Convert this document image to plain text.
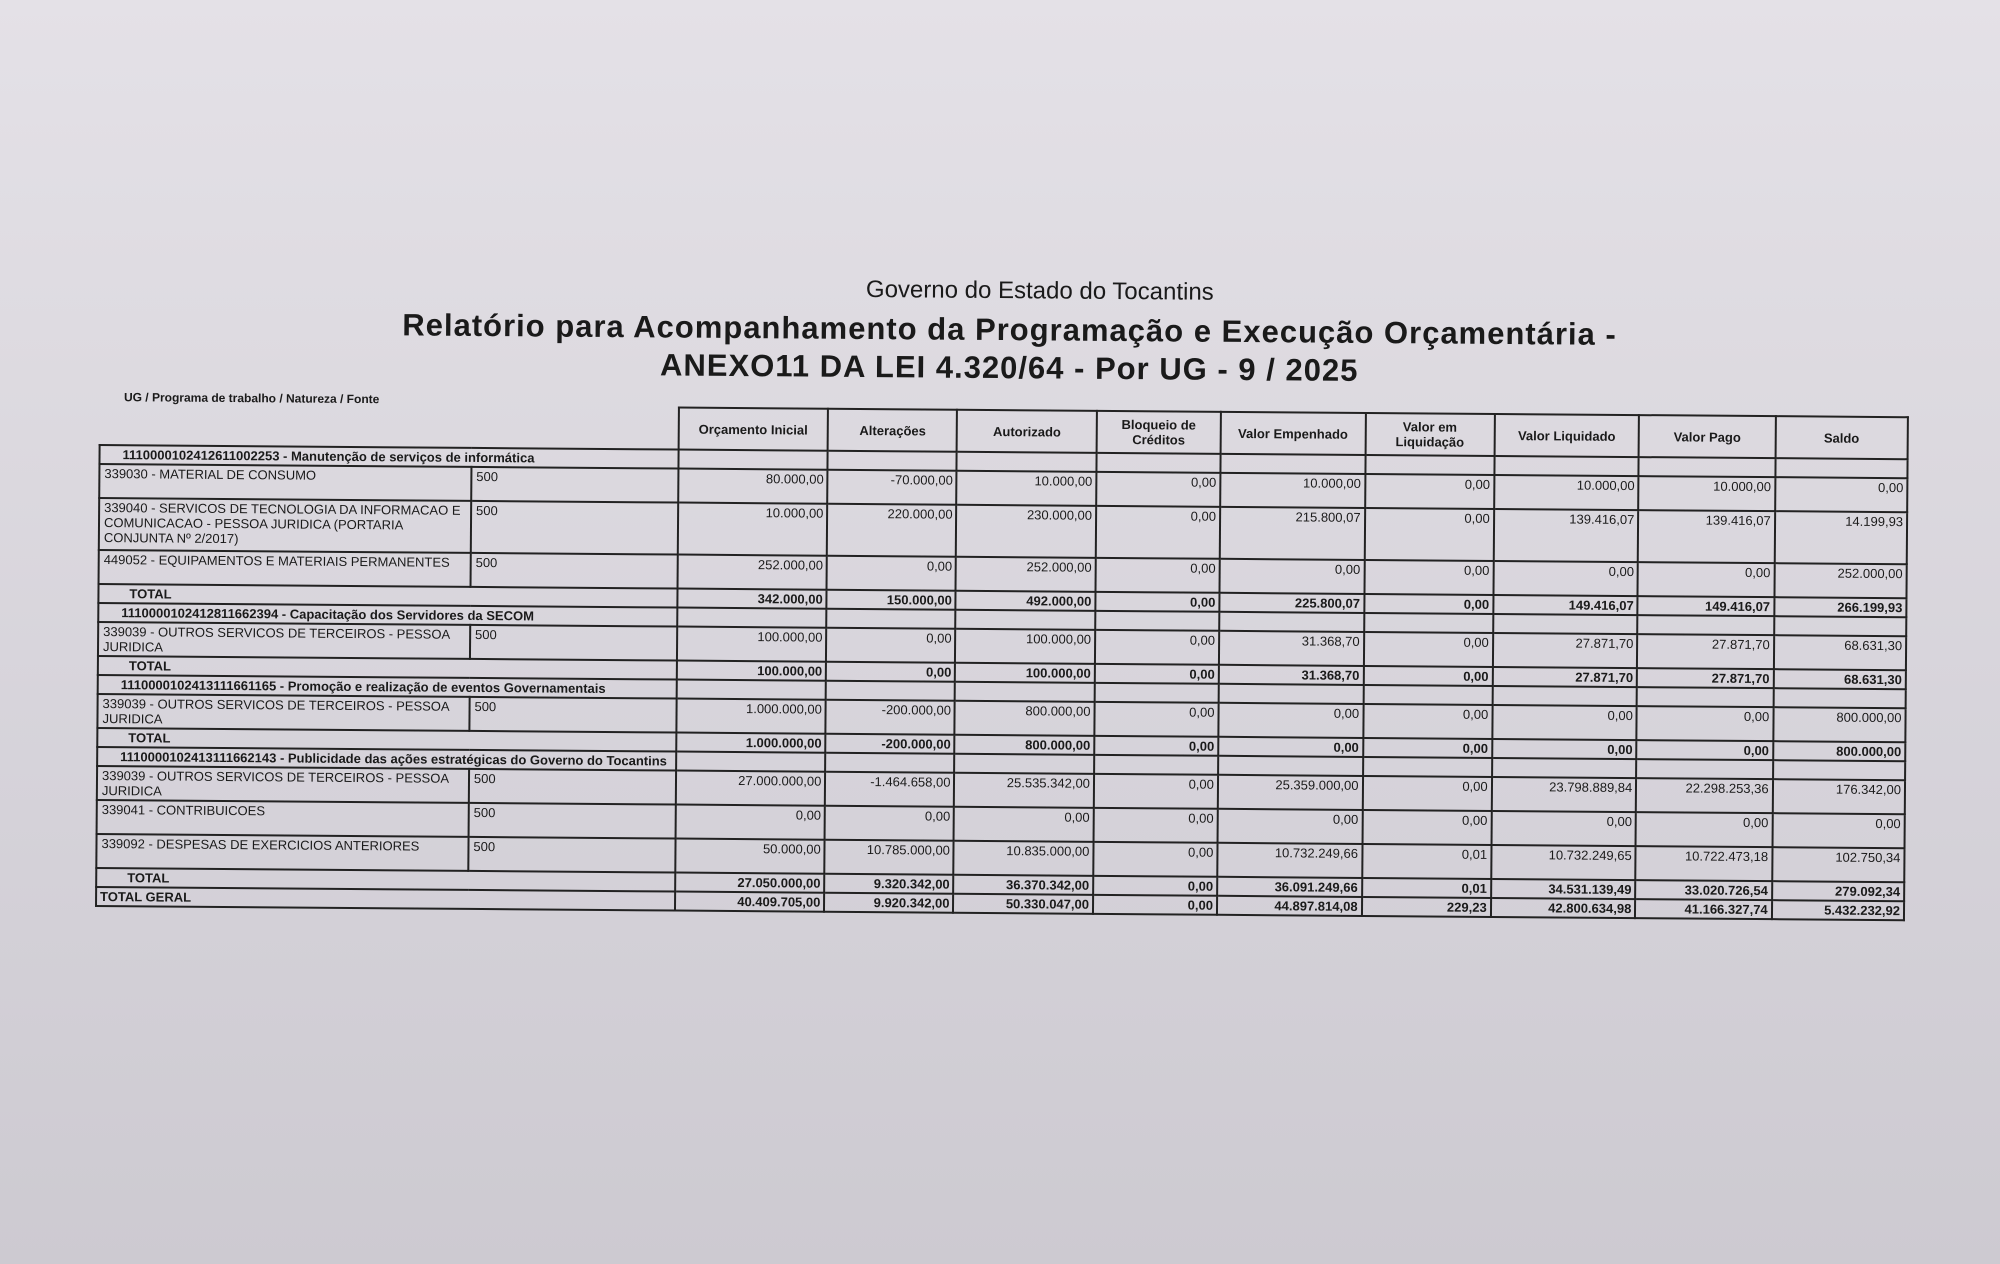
Governo do Estado do Tocantins
Relatório para Acompanhamento da Programação e Execução Orçamentária -
ANEXO11 DA LEI 4.320/64 - Por UG - 9 / 2025
UG / Programa de trabalho / Natureza / Fonte
		Orçamento Inicial	Alterações	Autorizado	Bloqueio de Créditos	Valor Empenhado	Valor em Liquidação	Valor Liquidado	Valor Pago	Saldo
1110000102412611002253 - Manutenção de serviços de informática										
339030 - MATERIAL DE CONSUMO	500	80.000,00	-70.000,00	10.000,00	0,00	10.000,00	0,00	10.000,00	10.000,00	0,00
339040 - SERVICOS DE TECNOLOGIA DA INFORMACAO E COMUNICACAO - PESSOA JURIDICA (PORTARIA CONJUNTA Nº 2/2017)	500	10.000,00	220.000,00	230.000,00	0,00	215.800,07	0,00	139.416,07	139.416,07	14.199,93
449052 - EQUIPAMENTOS E MATERIAIS PERMANENTES	500	252.000,00	0,00	252.000,00	0,00	0,00	0,00	0,00	0,00	252.000,00
TOTAL		342.000,00	150.000,00	492.000,00	0,00	225.800,07	0,00	149.416,07	149.416,07	266.199,93
1110000102412811662394 - Capacitação dos Servidores da SECOM										
339039 - OUTROS SERVICOS DE TERCEIROS - PESSOA JURIDICA	500	100.000,00	0,00	100.000,00	0,00	31.368,70	0,00	27.871,70	27.871,70	68.631,30
TOTAL		100.000,00	0,00	100.000,00	0,00	31.368,70	0,00	27.871,70	27.871,70	68.631,30
1110000102413111661165 - Promoção e realização de eventos Governamentais										
339039 - OUTROS SERVICOS DE TERCEIROS - PESSOA JURIDICA	500	1.000.000,00	-200.000,00	800.000,00	0,00	0,00	0,00	0,00	0,00	800.000,00
TOTAL		1.000.000,00	-200.000,00	800.000,00	0,00	0,00	0,00	0,00	0,00	800.000,00
1110000102413111662143 - Publicidade das ações estratégicas do Governo do Tocantins										
339039 - OUTROS SERVICOS DE TERCEIROS - PESSOA JURIDICA	500	27.000.000,00	-1.464.658,00	25.535.342,00	0,00	25.359.000,00	0,00	23.798.889,84	22.298.253,36	176.342,00
339041 - CONTRIBUICOES	500	0,00	0,00	0,00	0,00	0,00	0,00	0,00	0,00	0,00
339092 - DESPESAS DE EXERCICIOS ANTERIORES	500	50.000,00	10.785.000,00	10.835.000,00	0,00	10.732.249,66	0,01	10.732.249,65	10.722.473,18	102.750,34
TOTAL		27.050.000,00	9.320.342,00	36.370.342,00	0,00	36.091.249,66	0,01	34.531.139,49	33.020.726,54	279.092,34
TOTAL GERAL		40.409.705,00	9.920.342,00	50.330.047,00	0,00	44.897.814,08	229,23	42.800.634,98	41.166.327,74	5.432.232,92
